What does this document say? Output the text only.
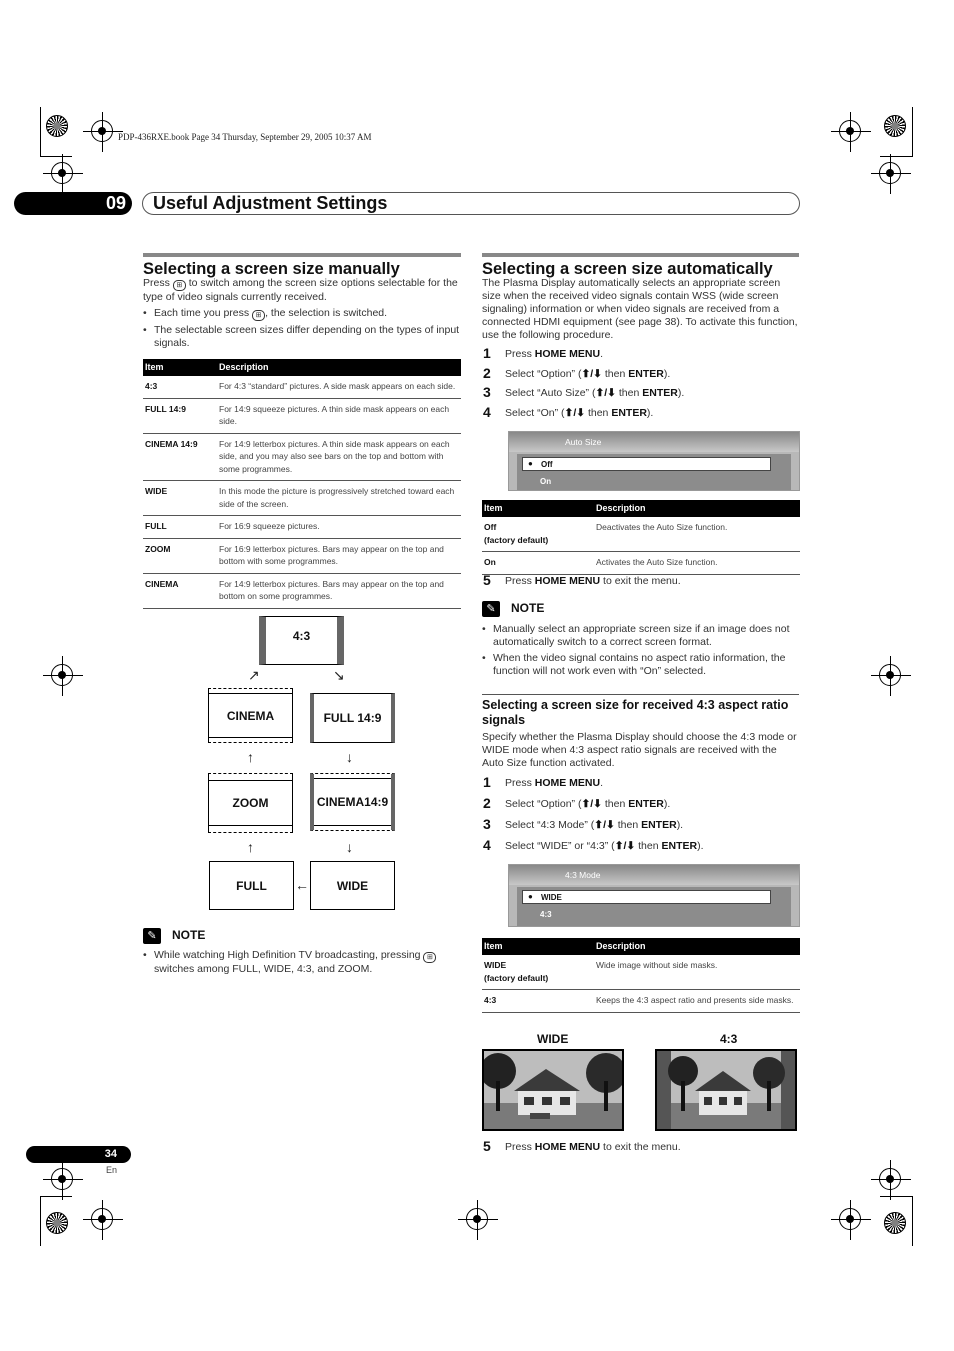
PDP-436RXE.book Page 34 Thursday, September 29, 2005 10:37 AM
09	Useful Adjustment Settings
Selecting a screen size manually
Press ⊞ to switch among the screen size options selectable for the type of video signals currently received.
• Each time you press ⊞ , the selection is switched.
• The selectable screen sizes differ depending on the types of input signals.
Item	Description
4:3	For 4:3 “standard” pictures. A side mask appears on each side.
FULL 14:9	For 14:9 squeeze pictures. A thin side mask appears on each side.
CINEMA 14:9	For 14:9 letterbox pictures. A thin side mask appears on each side, and you may also see bars on the top and bottom with some programmes.
WIDE	In this mode the picture is progressively stretched toward each side of the screen.
FULL	For 16:9 squeeze pictures.
ZOOM	For 16:9 letterbox pictures. Bars may appear on the top and bottom with some programmes.
CINEMA	For 14:9 letterbox pictures. Bars may appear on the top and bottom on some programmes.
4:3
↗	↘
CINEMA	FULL 14:9
↑	↓
ZOOM	CINEMA14:9
↑	↓
FULL ← WIDE
✎	NOTE
• While watching High Definition TV broadcasting, pressing ⊞ switches among FULL, WIDE, 4:3, and ZOOM.
Selecting a screen size automatically
The Plasma Display automatically selects an appropriate screen size when the received video signals contain WSS (wide screen signaling) information or when video signals are received from a connected HDMI equipment (see page 38). To activate this function, use the following procedure.
1 Press HOME MENU.
2 Select “Option” (⬆/⬇ then ENTER).
3 Select “Auto Size” (⬆/⬇ then ENTER).
4 Select “On” (⬆/⬇ then ENTER).
Auto Size
● Off
On
Item	Description
Off
(factory default)	Deactivates the Auto Size function.
On	Activates the Auto Size function.
5 Press HOME MENU to exit the menu.
✎	NOTE
• Manually select an appropriate screen size if an image does not automatically switch to a correct screen format.
• When the video signal contains no aspect ratio information, the function will not work even with “On” selected.
Selecting a screen size for received 4:3 aspect ratio signals
Specify whether the Plasma Display should choose the 4:3 mode or WIDE mode when 4:3 aspect ratio signals are received with the Auto Size function activated.
1 Press HOME MENU.
2 Select “Option” (⬆/⬇ then ENTER).
3 Select “4:3 Mode” (⬆/⬇ then ENTER).
4 Select “WIDE” or “4:3” (⬆/⬇ then ENTER).
4:3 Mode
● WIDE
4:3
Item	Description
WIDE
(factory default)	Wide image without side masks.
4:3	Keeps the 4:3 aspect ratio and presents side masks.
WIDE	4:3
5 Press HOME MENU to exit the menu.
34
En
